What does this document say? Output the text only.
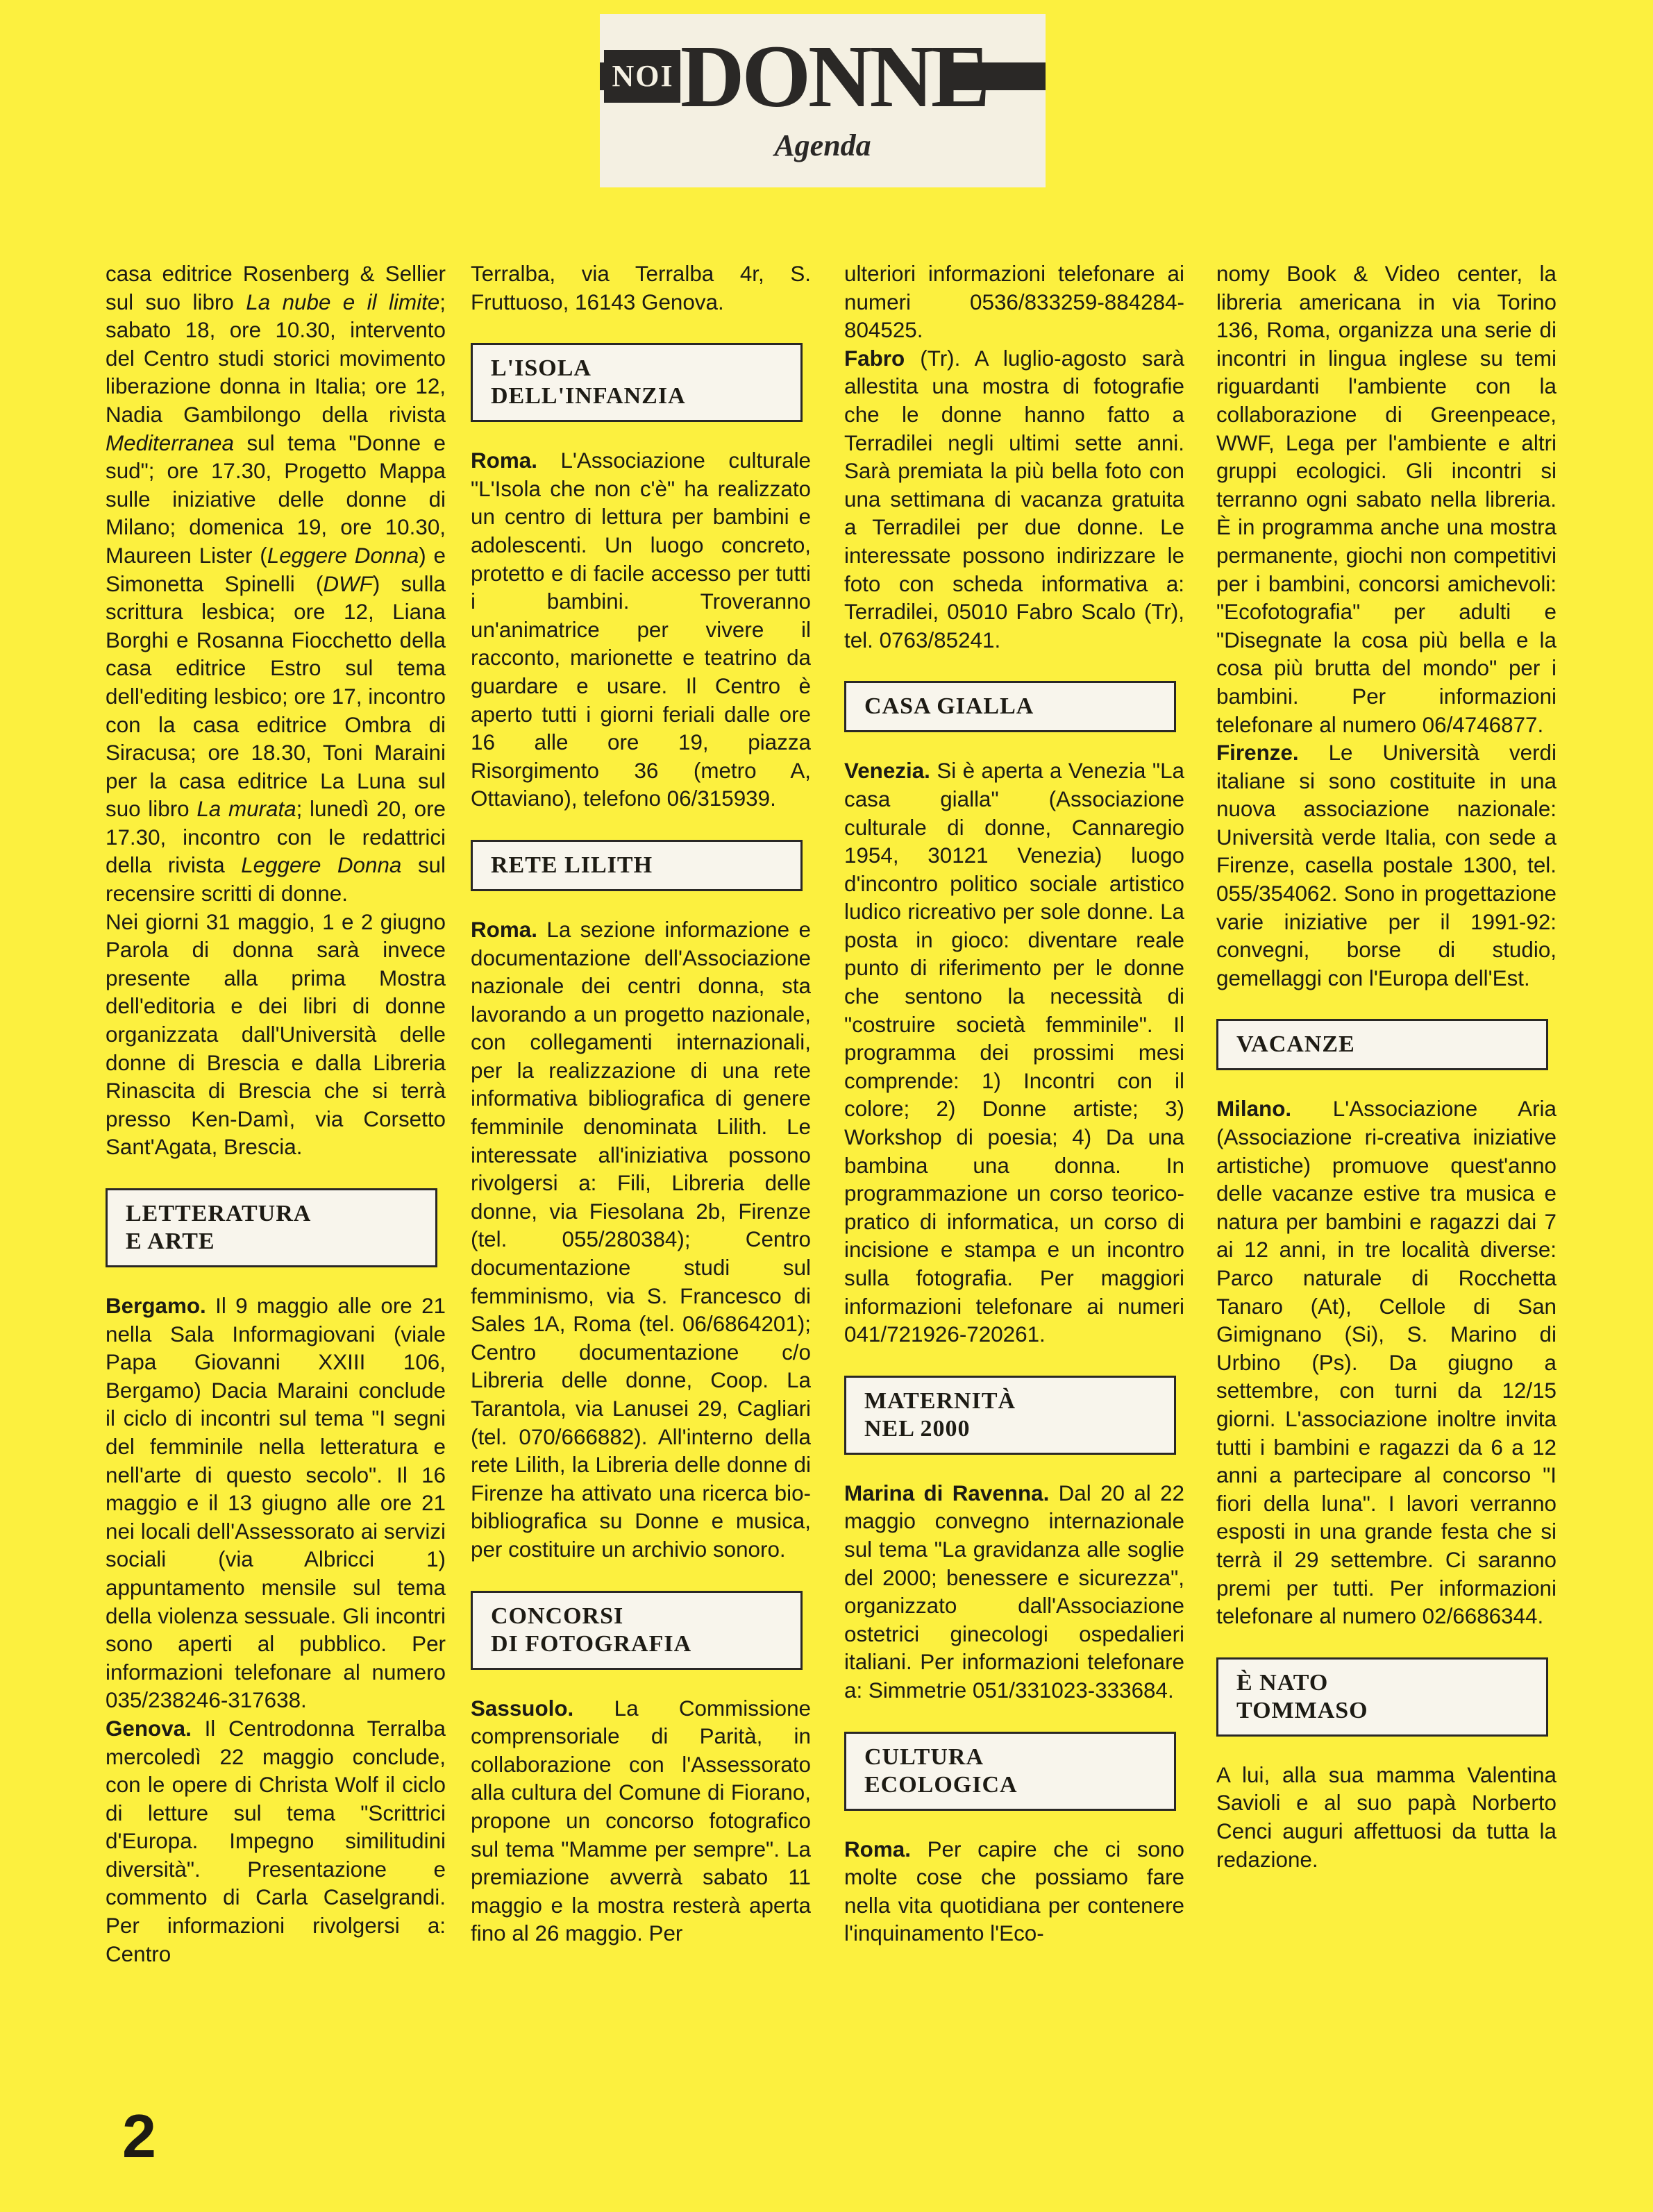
NOI DONNE
Agenda

casa editrice Rosenberg & Sellier sul suo libro La nube e il limite; sabato 18, ore 10.30, intervento del Centro studi storici movimento liberazione donna in Italia; ore 12, Nadia Gambilongo della rivista Mediterranea sul tema "Donne e sud"; ore 17.30, Progetto Mappa sulle iniziative delle donne di Milano; domenica 19, ore 10.30, Maureen Lister (Leggere Donna) e Simonetta Spinelli (DWF) sulla scrittura lesbica; ore 12, Liana Borghi e Rosanna Fiocchetto della casa editrice Estro sul tema dell'editing lesbico; ore 17, incontro con la casa editrice Ombra di Siracusa; ore 18.30, Toni Maraini per la casa editrice La Luna sul suo libro La murata; lunedì 20, ore 17.30, incontro con le redattrici della rivista Leggere Donna sul recensire scritti di donne.

Nei giorni 31 maggio, 1 e 2 giugno Parola di donna sarà invece presente alla prima Mostra dell'editoria e dei libri di donne organizzata dall'Università delle donne di Brescia e dalla Libreria Rinascita di Brescia che si terrà presso Ken-Damì, via Corsetto Sant'Agata, Brescia.

LETTERATURA
E ARTE

Bergamo. Il 9 maggio alle ore 21 nella Sala Informagiovani (viale Papa Giovanni XXIII 106, Bergamo) Dacia Maraini conclude il ciclo di incontri sul tema "I segni del femminile nella letteratura e nell'arte di questo secolo". Il 16 maggio e il 13 giugno alle ore 21 nei locali dell'Assessorato ai servizi sociali (via Albricci 1) appuntamento mensile sul tema della violenza sessuale. Gli incontri sono aperti al pubblico. Per informazioni telefonare al numero 035/238246-317638.

Genova. Il Centrodonna Terralba mercoledì 22 maggio conclude, con le opere di Christa Wolf il ciclo di letture sul tema "Scrittrici d'Europa. Impegno similitudini diversità". Presentazione e commento di Carla Caselgrandi. Per informazioni rivolgersi a: Centro

Terralba, via Terralba 4r, S. Fruttuoso, 16143 Genova.

L'ISOLA
DELL'INFANZIA

Roma. L'Associazione culturale "L'Isola che non c'è" ha realizzato un centro di lettura per bambini e adolescenti. Un luogo concreto, protetto e di facile accesso per tutti i bambini. Troveranno un'animatrice per vivere il racconto, marionette e teatrino da guardare e usare. Il Centro è aperto tutti i giorni feriali dalle ore 16 alle ore 19, piazza Risorgimento 36 (metro A, Ottaviano), telefono 06/315939.

RETE LILITH

Roma. La sezione informazione e documentazione dell'Associazione nazionale dei centri donna, sta lavorando a un progetto nazionale, con collegamenti internazionali, per la realizzazione di una rete informativa bibliografica di genere femminile denominata Lilith. Le interessate all'iniziativa possono rivolgersi a: Fili, Libreria delle donne, via Fiesolana 2b, Firenze (tel. 055/280384); Centro documentazione studi sul femminismo, via S. Francesco di Sales 1A, Roma (tel. 06/6864201); Centro documentazione c/o Libreria delle donne, Coop. La Tarantola, via Lanusei 29, Cagliari (tel. 070/666882). All'interno della rete Lilith, la Libreria delle donne di Firenze ha attivato una ricerca bio-bibliografica su Donne e musica, per costituire un archivio sonoro.

CONCORSI
DI FOTOGRAFIA

Sassuolo. La Commissione comprensoriale di Parità, in collaborazione con l'Assessorato alla cultura del Comune di Fiorano, propone un concorso fotografico sul tema "Mamme per sempre". La premiazione avverrà sabato 11 maggio e la mostra resterà aperta fino al 26 maggio. Per

ulteriori informazioni telefonare ai numeri 0536/833259-884284-804525.

Fabro (Tr). A luglio-agosto sarà allestita una mostra di fotografie che le donne hanno fatto a Terradilei negli ultimi sette anni. Sarà premiata la più bella foto con una settimana di vacanza gratuita a Terradilei per due donne. Le interessate possono indirizzare le foto con scheda informativa a: Terradilei, 05010 Fabro Scalo (Tr), tel. 0763/85241.

CASA GIALLA

Venezia. Si è aperta a Venezia "La casa gialla" (Associazione culturale di donne, Cannaregio 1954, 30121 Venezia) luogo d'incontro politico sociale artistico ludico ricreativo per sole donne. La posta in gioco: diventare reale punto di riferimento per le donne che sentono la necessità di "costruire società femminile". Il programma dei prossimi mesi comprende: 1) Incontri con il colore; 2) Donne artiste; 3) Workshop di poesia; 4) Da una bambina una donna. In programmazione un corso teorico-pratico di informatica, un corso di incisione e stampa e un incontro sulla fotografia. Per maggiori informazioni telefonare ai numeri 041/721926-720261.

MATERNITÀ
NEL 2000

Marina di Ravenna. Dal 20 al 22 maggio convegno internazionale sul tema "La gravidanza alle soglie del 2000; benessere e sicurezza", organizzato dall'Associazione ostetrici ginecologi ospedalieri italiani. Per informazioni telefonare a: Simmetrie 051/331023-333684.

CULTURA
ECOLOGICA

Roma. Per capire che ci sono molte cose che possiamo fare nella vita quotidiana per contenere l'inquinamento l'Eco-

nomy Book & Video center, la libreria americana in via Torino 136, Roma, organizza una serie di incontri in lingua inglese su temi riguardanti l'ambiente con la collaborazione di Greenpeace, WWF, Lega per l'ambiente e altri gruppi ecologici. Gli incontri si terranno ogni sabato nella libreria. È in programma anche una mostra permanente, giochi non competitivi per i bambini, concorsi amichevoli: "Ecofotografia" per adulti e "Disegnate la cosa più bella e la cosa più brutta del mondo" per i bambini. Per informazioni telefonare al numero 06/4746877.

Firenze. Le Università verdi italiane si sono costituite in una nuova associazione nazionale: Università verde Italia, con sede a Firenze, casella postale 1300, tel. 055/354062. Sono in progettazione varie iniziative per il 1991-92: convegni, borse di studio, gemellaggi con l'Europa dell'Est.

VACANZE

Milano. L'Associazione Aria (Associazione ri-creativa iniziative artistiche) promuove quest'anno delle vacanze estive tra musica e natura per bambini e ragazzi dai 7 ai 12 anni, in tre località diverse: Parco naturale di Rocchetta Tanaro (At), Cellole di San Gimignano (Si), S. Marino di Urbino (Ps). Da giugno a settembre, con turni da 12/15 giorni. L'associazione inoltre invita tutti i bambini e ragazzi da 6 a 12 anni a partecipare al concorso "I fiori della luna". I lavori verranno esposti in una grande festa che si terrà il 29 settembre. Ci saranno premi per tutti. Per informazioni telefonare al numero 02/6686344.

È NATO
TOMMASO

A lui, alla sua mamma Valentina Savioli e al suo papà Norberto Cenci auguri affettuosi da tutta la redazione.

2
